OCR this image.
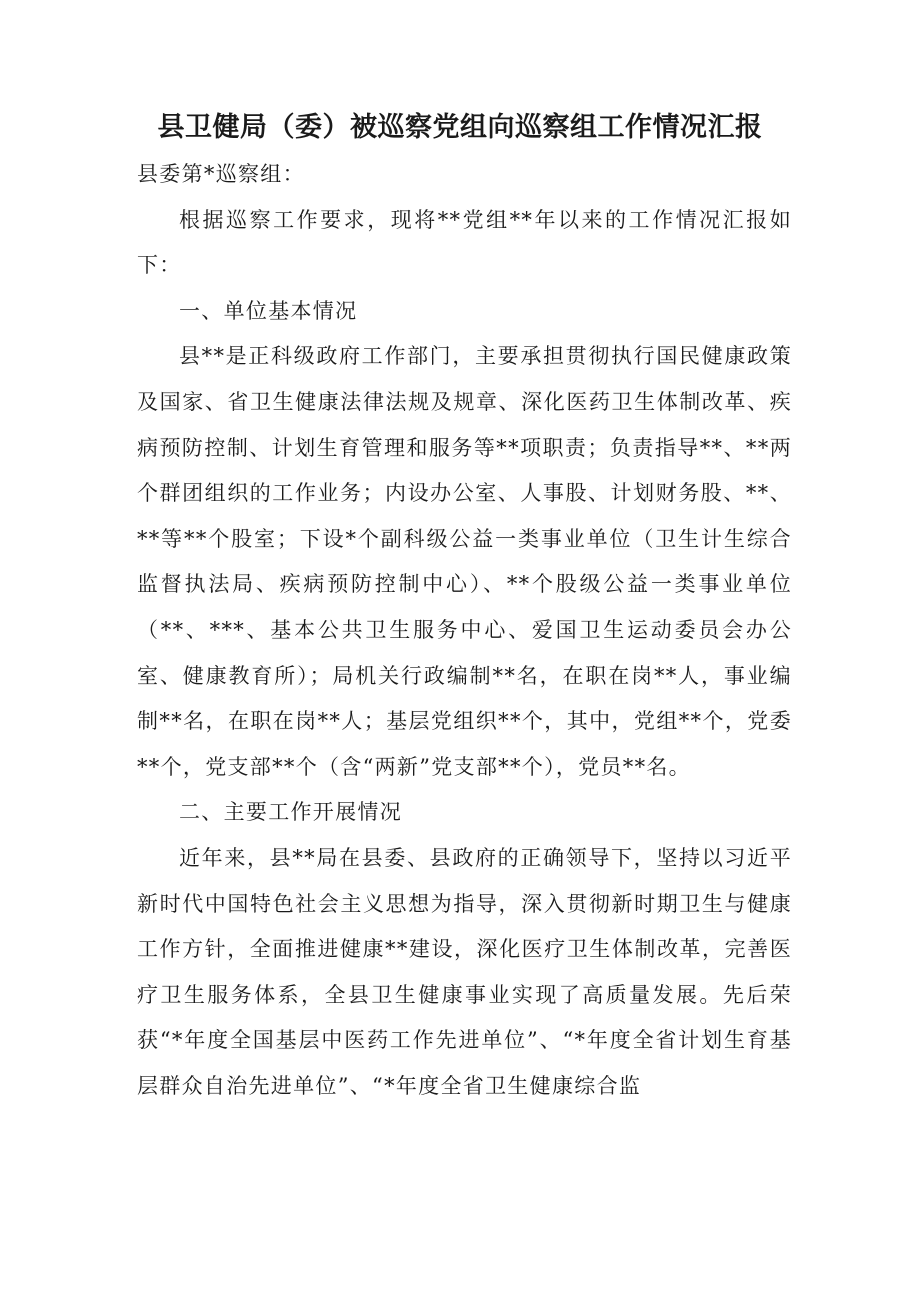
县卫健局（委）被巡察党组向巡察组工作情况汇报

县委第*巡察组：

根据巡察工作要求，现将**党组**年以来的工作情况汇报如下：

一、单位基本情况

县**是正科级政府工作部门，主要承担贯彻执行国民健康政策及国家、省卫生健康法律法规及规章、深化医药卫生体制改革、疾病预防控制、计划生育管理和服务等**项职责；负责指导**、**两个群团组织的工作业务；内设办公室、人事股、计划财务股、**、**等**个股室；下设*个副科级公益一类事业单位（卫生计生综合监督执法局、疾病预防控制中心）、**个股级公益一类事业单位（**、***、基本公共卫生服务中心、爱国卫生运动委员会办公室、健康教育所）；局机关行政编制**名，在职在岗**人，事业编制**名，在职在岗**人；基层党组织**个，其中，党组**个，党委**个，党支部**个（含“两新”党支部**个），党员**名。

二、主要工作开展情况

近年来，县**局在县委、县政府的正确领导下，坚持以习近平新时代中国特色社会主义思想为指导，深入贯彻新时期卫生与健康工作方针，全面推进健康**建设，深化医疗卫生体制改革，完善医疗卫生服务体系，全县卫生健康事业实现了高质量发展。先后荣获“*年度全国基层中医药工作先进单位”、“*年度全省计划生育基层群众自治先进单位”、“*年度全省卫生健康综合监
